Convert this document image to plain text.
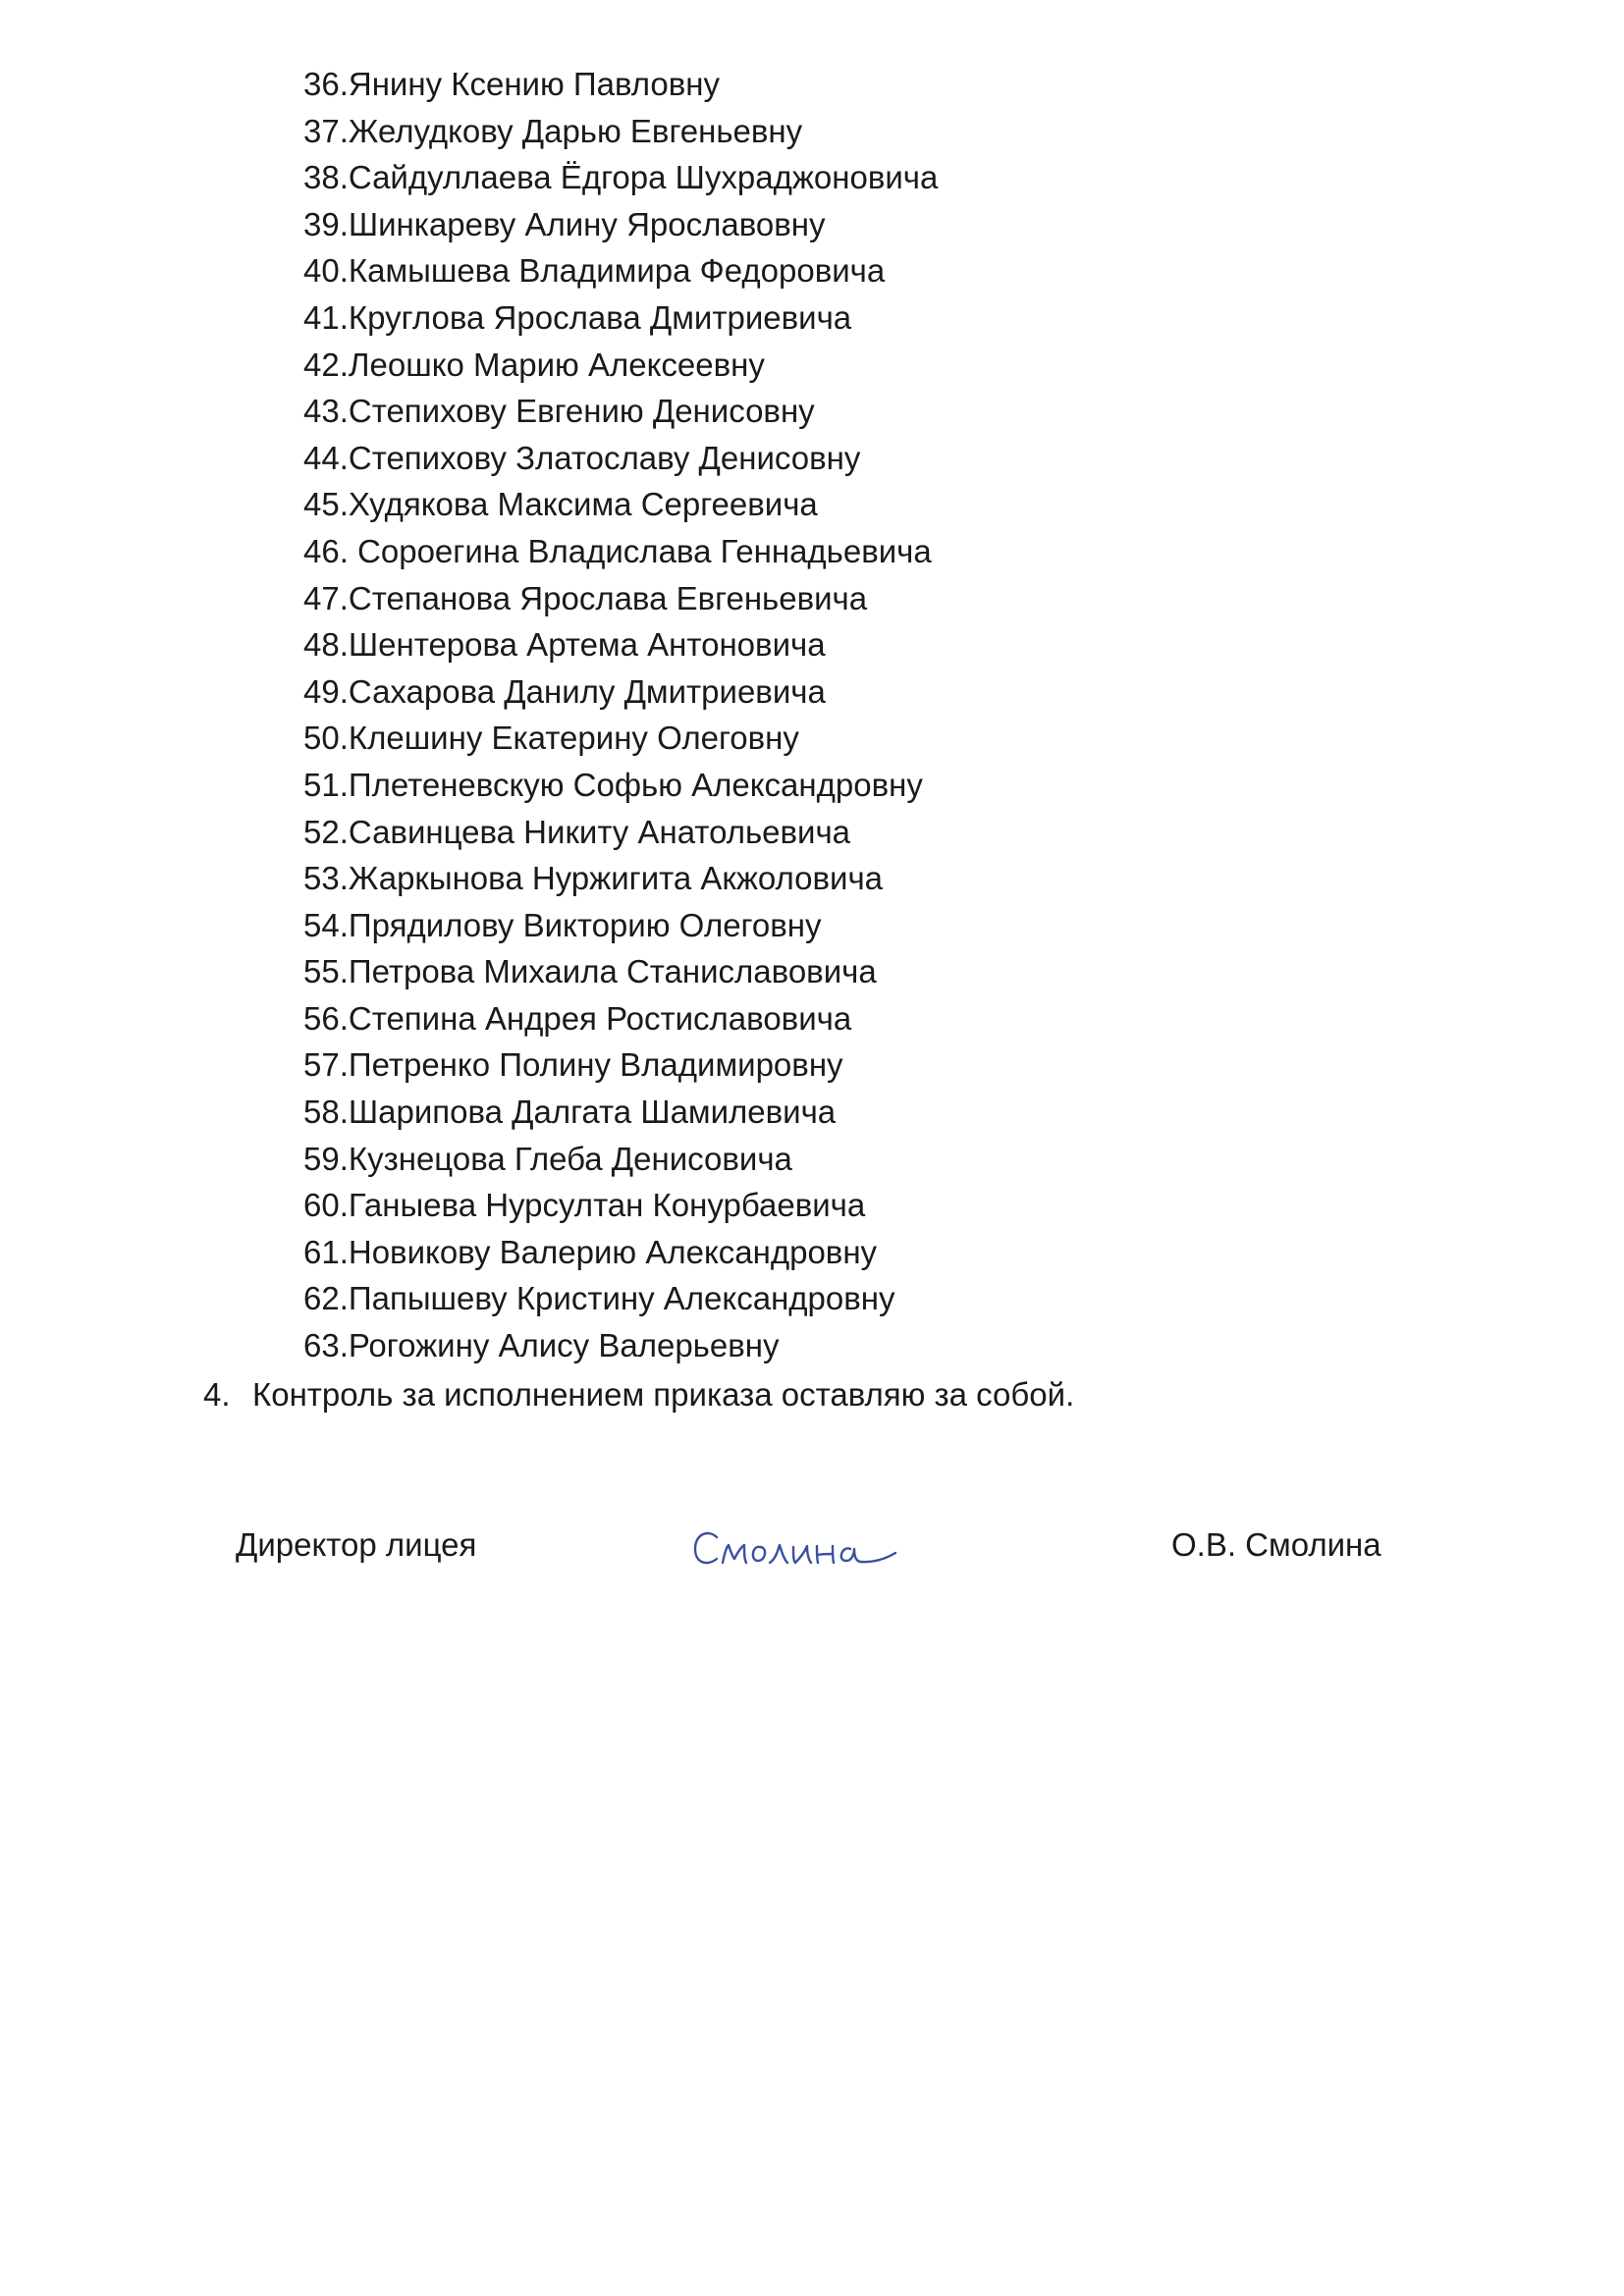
36.Янину Ксению Павловну
37.Желудкову Дарью Евгеньевну
38.Сайдуллаева Ёдгора Шухраджоновича
39.Шинкареву Алину Ярославовну
40.Камышева Владимира Федоровича
41.Круглова Ярослава Дмитриевича
42.Леошко Марию Алексеевну
43.Степихову Евгению Денисовну
44.Степихову Златославу Денисовну
45.Худякова Максима Сергеевича
46. Сороегина Владислава Геннадьевича
47.Степанова Ярослава Евгеньевича
48.Шентерова Артема Антоновича
49.Сахарова Данилу Дмитриевича
50.Клешину Екатерину Олеговну
51.Плетеневскую Софью Александровну
52.Савинцева Никиту Анатольевича
53.Жаркынова Нуржигита Акжоловича
54.Прядилову Викторию Олеговну
55.Петрова Михаила Станиславовича
56.Степина Андрея Ростиславовича
57.Петренко Полину Владимировну
58.Шарипова Далгата Шамилевича
59.Кузнецова Глеба Денисовича
60.Ганыева Нурсултан Конурбаевича
61.Новикову Валерию Александровну
62.Папышеву Кристину Александровну
63.Рогожину Алису Валерьевну
4. Контроль за исполнением приказа оставляю за собой.
Директор лицея	О.В. Смолина
